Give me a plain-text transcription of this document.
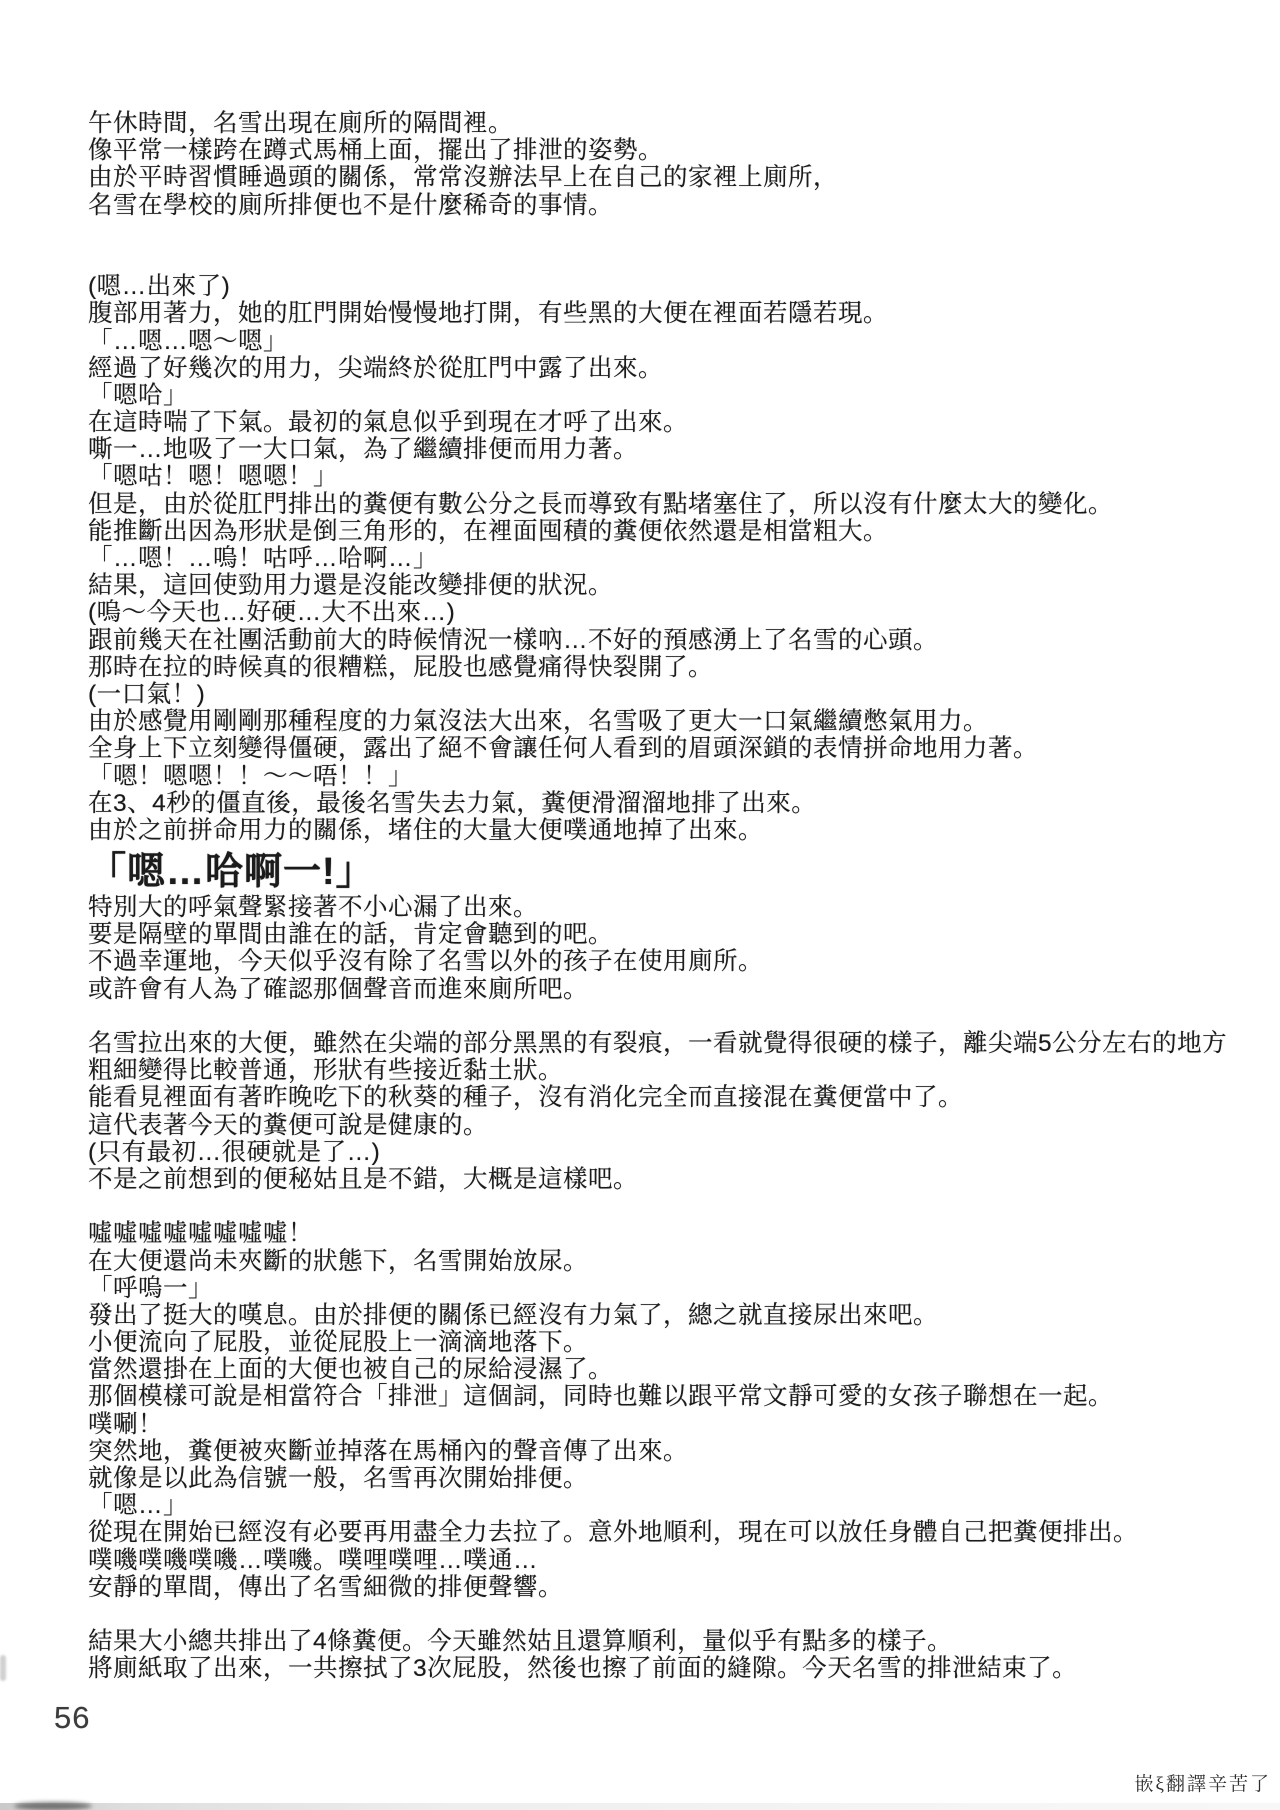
午休時間，名雪出現在廁所的隔間裡。
像平常一樣跨在蹲式馬桶上面，擺出了排泄的姿勢。
由於平時習慣睡過頭的關係，常常沒辦法早上在自己的家裡上廁所，
名雪在學校的廁所排便也不是什麼稀奇的事情。
(嗯…出來了)
腹部用著力，她的肛門開始慢慢地打開，有些黑的大便在裡面若隱若現。
「…嗯…嗯～嗯」
經過了好幾次的用力，尖端終於從肛門中露了出來。
「嗯哈」
在這時喘了下氣。最初的氣息似乎到現在才呼了出來。
嘶一…地吸了一大口氣，為了繼續排便而用力著。
「嗯咕！嗯！嗯嗯！」
但是，由於從肛門排出的糞便有數公分之長而導致有點堵塞住了，所以沒有什麼太大的變化。
能推斷出因為形狀是倒三角形的，在裡面囤積的糞便依然還是相當粗大。
「…嗯！…嗚！咕呼…哈啊…」
結果，這回使勁用力還是沒能改變排便的狀況。
(嗚～今天也…好硬…大不出來…)
跟前幾天在社團活動前大的時候情況一樣吶…不好的預感湧上了名雪的心頭。
那時在拉的時候真的很糟糕，屁股也感覺痛得快裂開了。
(一口氣！)
由於感覺用剛剛那種程度的力氣沒法大出來，名雪吸了更大一口氣繼續憋氣用力。
全身上下立刻變得僵硬，露出了絕不會讓任何人看到的眉頭深鎖的表情拼命地用力著。
「嗯！嗯嗯！！～～唔！！」
在3、4秒的僵直後，最後名雪失去力氣，糞便滑溜溜地排了出來。
由於之前拼命用力的關係，堵住的大量大便噗通地掉了出來。
「嗯…哈啊一!」
特別大的呼氣聲緊接著不小心漏了出來。
要是隔壁的單間由誰在的話，肯定會聽到的吧。
不過幸運地，今天似乎沒有除了名雪以外的孩子在使用廁所。
或許會有人為了確認那個聲音而進來廁所吧。
名雪拉出來的大便，雖然在尖端的部分黑黑的有裂痕，一看就覺得很硬的樣子，離尖端5公分左右的地方
粗細變得比較普通，形狀有些接近黏土狀。
能看見裡面有著昨晚吃下的秋葵的種子，沒有消化完全而直接混在糞便當中了。
這代表著今天的糞便可說是健康的。
(只有最初…很硬就是了…)
不是之前想到的便秘姑且是不錯，大概是這樣吧。
噓噓噓噓噓噓噓噓！
在大便還尚未夾斷的狀態下，名雪開始放尿。
「呼嗚一」
發出了挺大的嘆息。由於排便的關係已經沒有力氣了，總之就直接尿出來吧。
小便流向了屁股，並從屁股上一滴滴地落下。
當然還掛在上面的大便也被自己的尿給浸濕了。
那個模樣可說是相當符合「排泄」這個詞，同時也難以跟平常文靜可愛的女孩子聯想在一起。
噗唰！
突然地，糞便被夾斷並掉落在馬桶內的聲音傳了出來。
就像是以此為信號一般，名雪再次開始排便。
「嗯…」
從現在開始已經沒有必要再用盡全力去拉了。意外地順利，現在可以放任身體自己把糞便排出。
噗嘰噗嘰噗嘰…噗嘰。噗哩噗哩…噗通…
安靜的單間，傳出了名雪細微的排便聲響。
結果大小總共排出了4條糞便。今天雖然姑且還算順利，量似乎有點多的樣子。
將廁紙取了出來，一共擦拭了3次屁股，然後也擦了前面的縫隙。今天名雪的排泄結束了。
56
嵌ξ翻譯辛苦了
